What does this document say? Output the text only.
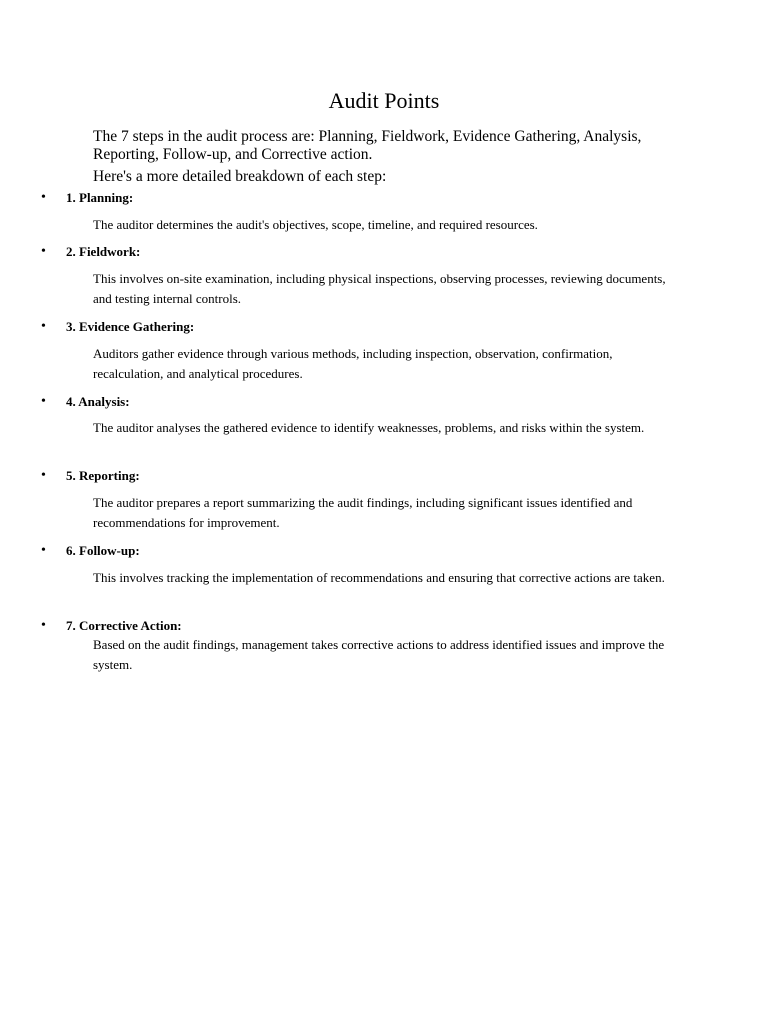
Audit Points

The 7 steps in the audit process are: Planning, Fieldwork, Evidence Gathering, Analysis, Reporting, Follow-up, and Corrective action.

Here's a more detailed breakdown of each step:

• 1. Planning:

The auditor determines the audit's objectives, scope, timeline, and required resources.

• 2. Fieldwork:

This involves on-site examination, including physical inspections, observing processes, reviewing documents, and testing internal controls.

• 3. Evidence Gathering:

Auditors gather evidence through various methods, including inspection, observation, confirmation, recalculation, and analytical procedures.

• 4. Analysis:

The auditor analyses the gathered evidence to identify weaknesses, problems, and risks within the system.

• 5. Reporting:

The auditor prepares a report summarizing the audit findings, including significant issues identified and recommendations for improvement.

• 6. Follow-up:

This involves tracking the implementation of recommendations and ensuring that corrective actions are taken.

• 7. Corrective Action:

Based on the audit findings, management takes corrective actions to address identified issues and improve the system.
